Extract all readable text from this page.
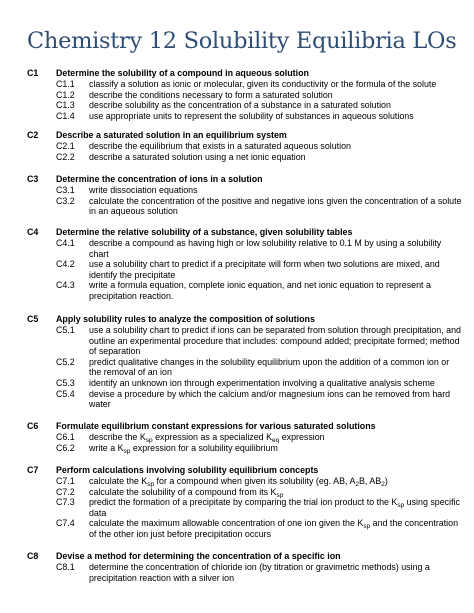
Chemistry 12 Solubility Equilibria LOs
C1 Determine the solubility of a compound in aqueous solution
C1.1 classify a solution as ionic or molecular, given its conductivity or the formula of the solute
C1.2 describe the conditions necessary to form a saturated solution
C1.3 describe solubility as the concentration of a substance in a saturated solution
C1.4 use appropriate units to represent the solubility of substances in aqueous solutions
C2 Describe a saturated solution in an equilibrium system
C2.1 describe the equilibrium that exists in a saturated aqueous solution
C2.2 describe a saturated solution using a net ionic equation
C3 Determine the concentration of ions in a solution
C3.1 write dissociation equations
C3.2 calculate the concentration of the positive and negative ions given the concentration of a solute in an aqueous solution
C4 Determine the relative solubility of a substance, given solubility tables
C4.1 describe a compound as having high or low solubility relative to 0.1 M by using a solubility chart
C4.2 use a solubility chart to predict if a precipitate will form when two solutions are mixed, and identify the precipitate
C4.3 write a formula equation, complete ionic equation, and net ionic equation to represent a precipitation reaction.
C5 Apply solubility rules to analyze the composition of solutions
C5.1 use a solubility chart to predict if ions can be separated from solution through precipitation, and outline an experimental procedure that includes: compound added; precipitate formed; method of separation
C5.2 predict qualitative changes in the solubility equilibrium upon the addition of a common ion or the removal of an ion
C5.3 identify an unknown ion through experimentation involving a qualitative analysis scheme
C5.4 devise a procedure by which the calcium and/or magnesium ions can be removed from hard water
C6 Formulate equilibrium constant expressions for various saturated solutions
C6.1 describe the $K_{sp}$ expression as a specialized $K_{eq}$ expression
C6.2 write a $K_{sp}$ expression for a solubility equilibrium
C7 Perform calculations involving solubility equilibrium concepts
C7.1 calculate the $K_{sp}$ for a compound when given its solubility (eg. AB, $A_2B$, $AB_2$)
C7.2 calculate the solubility of a compound from its $K_{sp}$
C7.3 predict the formation of a precipitate by comparing the trial ion product to the $K_{sp}$ using specific data
C7.4 calculate the maximum allowable concentration of one ion given the $K_{sp}$ and the concentration of the other ion just before precipitation occurs
C8 Devise a method for determining the concentration of a specific ion
C8.1 determine the concentration of chloride ion (by titration or gravimetric methods) using a precipitation reaction with a silver ion
